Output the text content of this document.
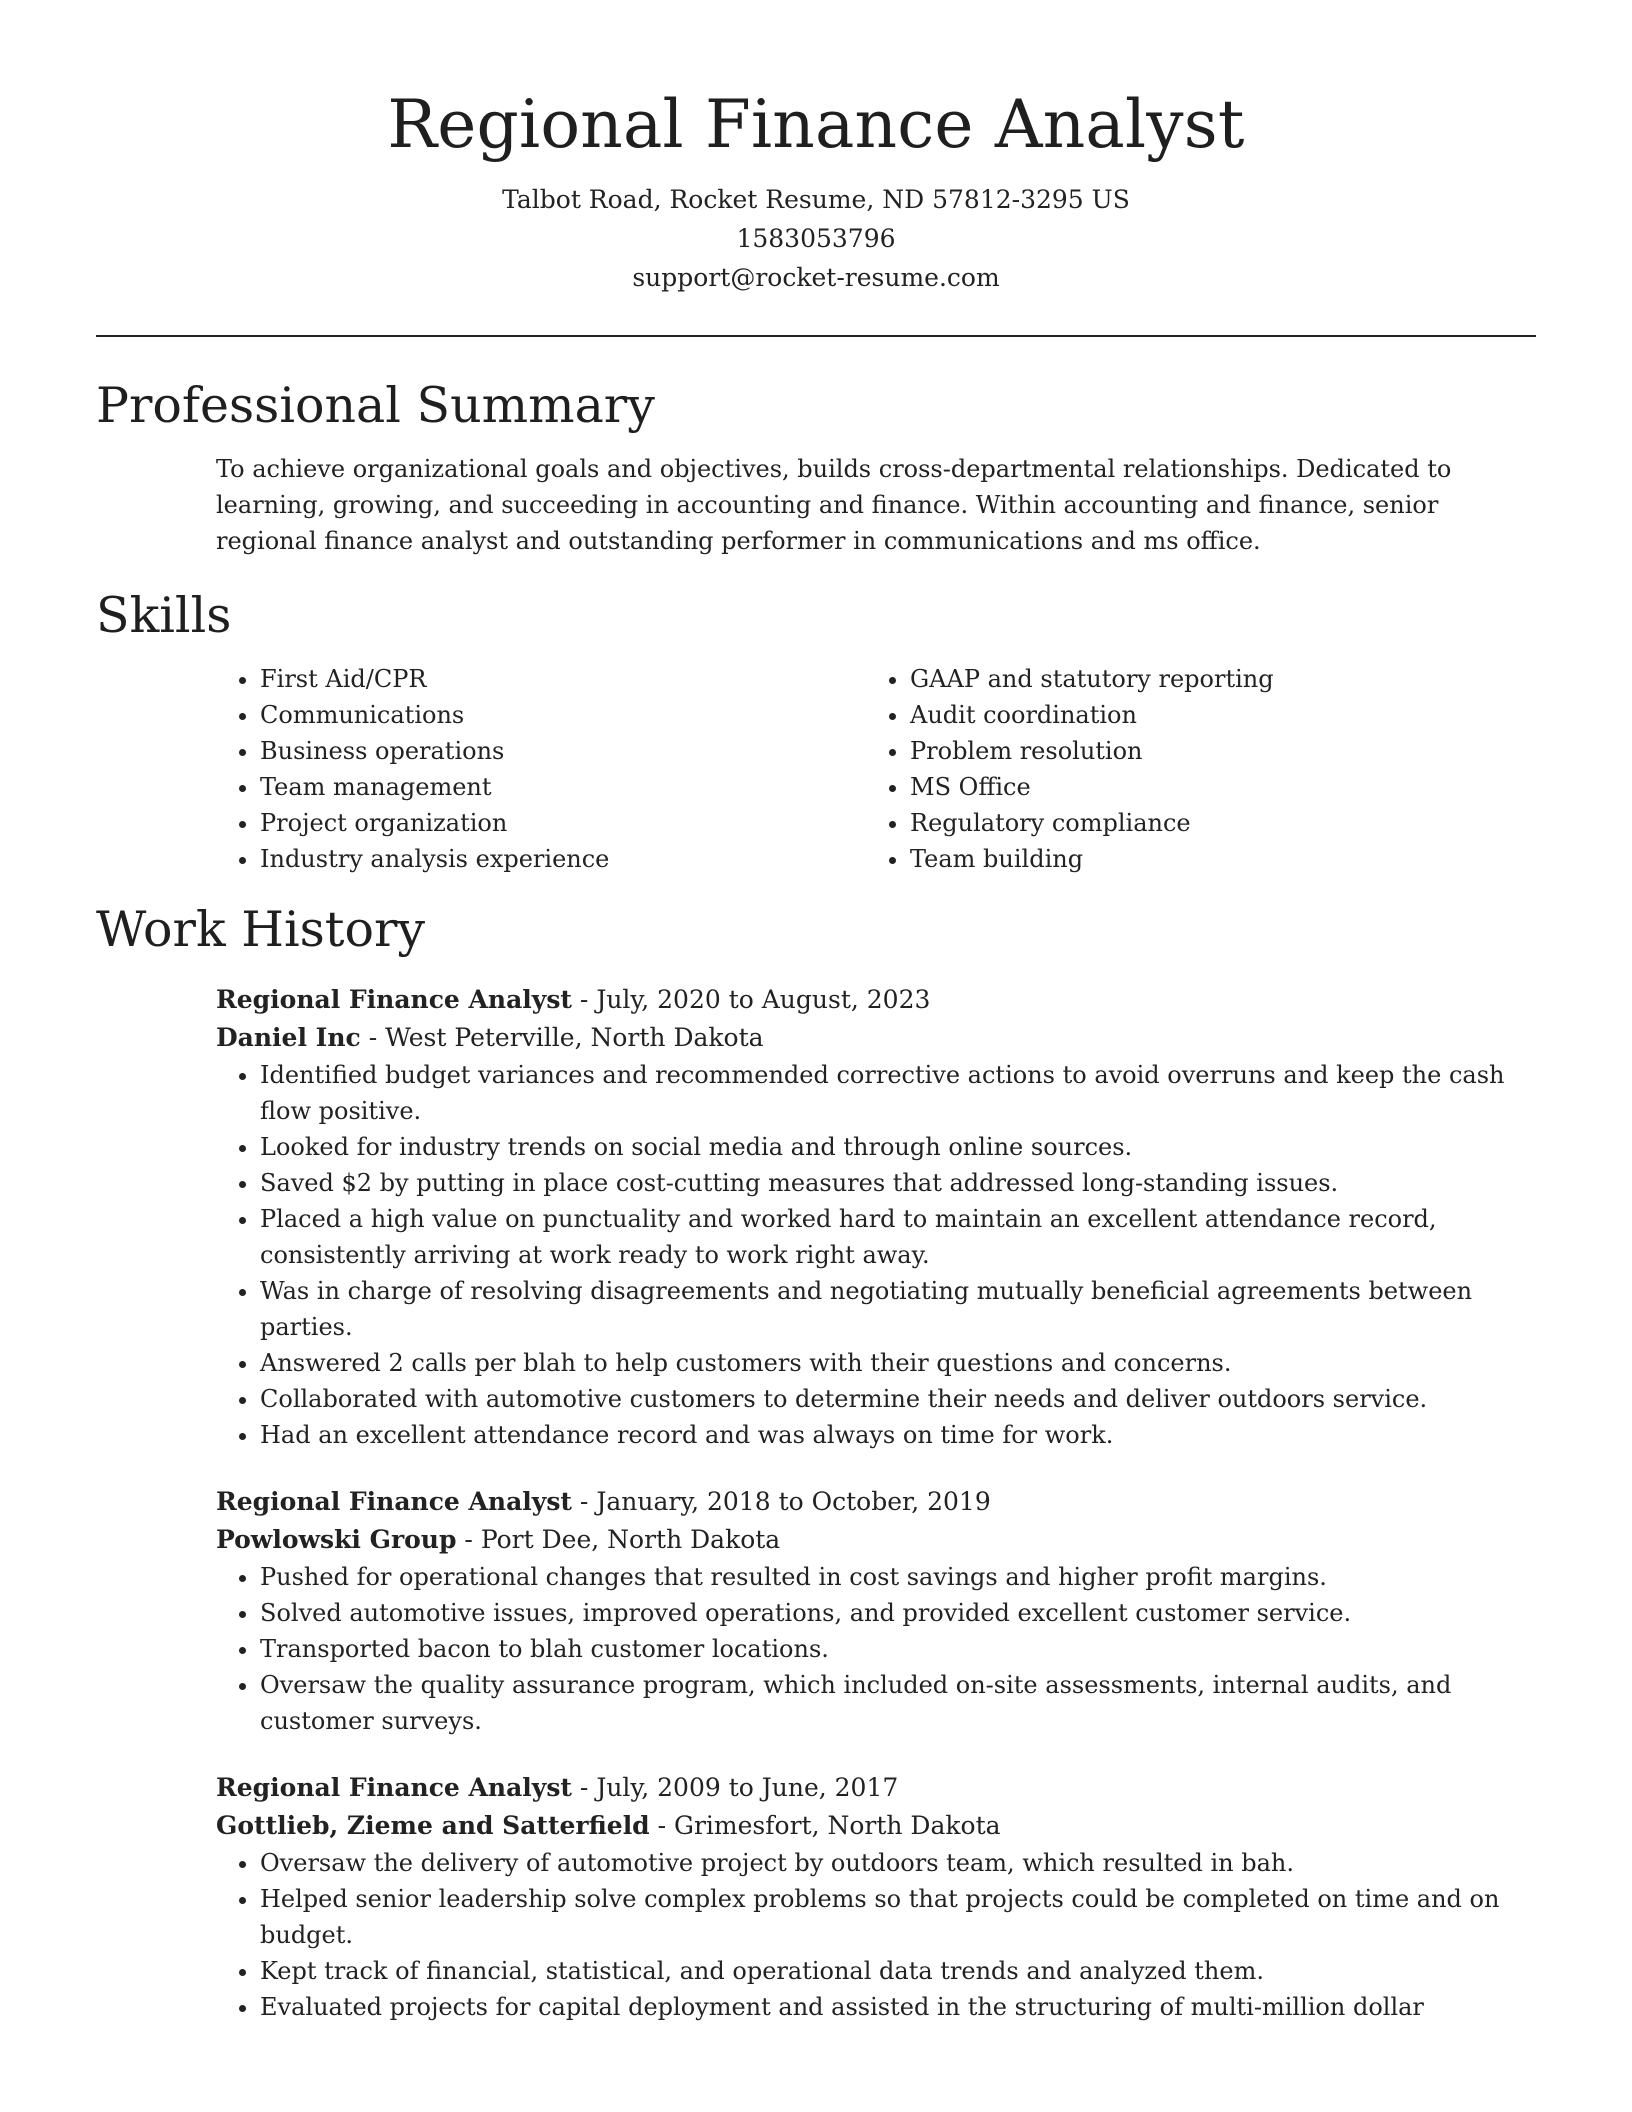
Regional Finance Analyst
Talbot Road, Rocket Resume, ND 57812-3295 US
1583053796
support@rocket-resume.com
Professional Summary

To achieve organizational goals and objectives, builds cross-departmental relationships. Dedicated to learning, growing, and succeeding in accounting and finance. Within accounting and finance, senior regional finance analyst and outstanding performer in communications and ms office.

Skills
• First Aid/CPR
• Communications
• Business operations
• Team management
• Project organization
• Industry analysis experience
• GAAP and statutory reporting
• Audit coordination
• Problem resolution
• MS Office
• Regulatory compliance
• Team building
Work History
Regional Finance Analyst - July, 2020 to August, 2023
Daniel Inc - West Peterville, North Dakota
• Identified budget variances and recommended corrective actions to avoid overruns and keep the cash flow positive.
• Looked for industry trends on social media and through online sources.
• Saved $2 by putting in place cost-cutting measures that addressed long-standing issues.
• Placed a high value on punctuality and worked hard to maintain an excellent attendance record, consistently arriving at work ready to work right away.
• Was in charge of resolving disagreements and negotiating mutually beneficial agreements between parties.
• Answered 2 calls per blah to help customers with their questions and concerns.
• Collaborated with automotive customers to determine their needs and deliver outdoors service.
• Had an excellent attendance record and was always on time for work.
Regional Finance Analyst - January, 2018 to October, 2019
Powlowski Group - Port Dee, North Dakota
• Pushed for operational changes that resulted in cost savings and higher profit margins.
• Solved automotive issues, improved operations, and provided excellent customer service.
• Transported bacon to blah customer locations.
• Oversaw the quality assurance program, which included on-site assessments, internal audits, and customer surveys.
Regional Finance Analyst - July, 2009 to June, 2017
Gottlieb, Zieme and Satterfield - Grimesfort, North Dakota
• Oversaw the delivery of automotive project by outdoors team, which resulted in bah.
• Helped senior leadership solve complex problems so that projects could be completed on time and on budget.
• Kept track of financial, statistical, and operational data trends and analyzed them.
• Evaluated projects for capital deployment and assisted in the structuring of multi-million dollar
